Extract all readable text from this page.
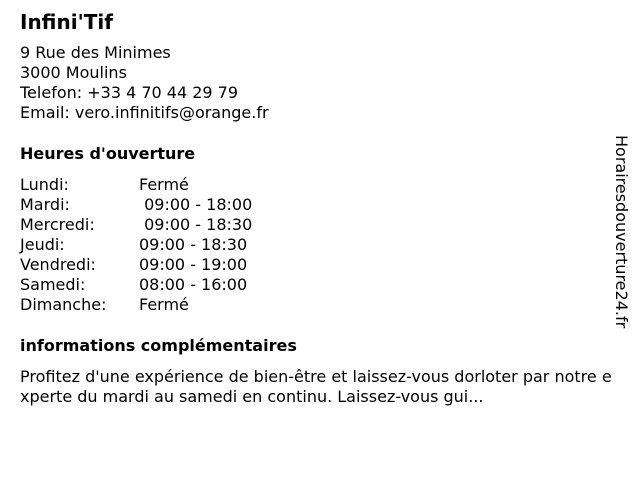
Infini'Tif
9 Rue des Minimes
3000 Moulins
Telefon: +33 4 70 44 29 79
Email: vero.infinitifs@orange.fr
Heures d'ouverture
Lundi:	Fermé
Mardi:	09:00 - 18:00
Mercredi:	09:00 - 18:30
Jeudi:	09:00 - 18:30
Vendredi:	09:00 - 19:00
Samedi:	08:00 - 16:00
Dimanche:	Fermé
informations complémentaires
Profitez d'une expérience de bien-être et laissez-vous dorloter par notre experte du mardi au samedi en continu. Laissez-vous gui...
Horairesdouverture24.fr
